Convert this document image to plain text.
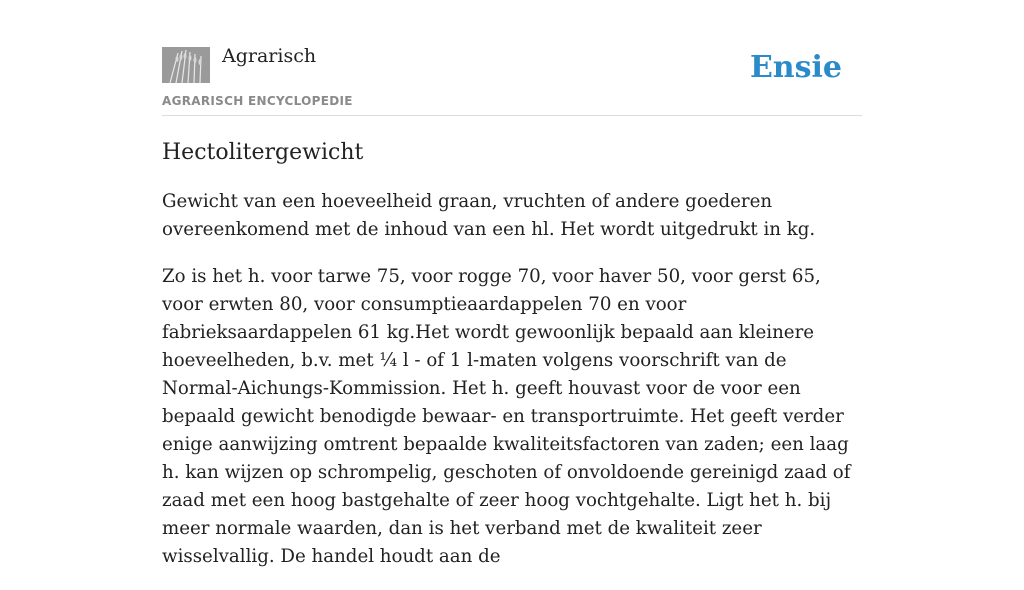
Agrarisch
AGRARISCH ENCYCLOPEDIE
Ensie
Hectolitergewicht

Gewicht van een hoeveelheid graan, vruchten of andere goederen overeenkomend met de inhoud van een hl. Het wordt uitgedrukt in kg.

Zo is het h. voor tarwe 75, voor rogge 70, voor haver 50, voor gerst 65, voor erwten 80, voor consumptieaardappelen 70 en voor fabrieksaardappelen 61 kg.Het wordt gewoonlijk bepaald aan kleinere hoeveelheden, b.v. met ¼ l - of 1 l-maten volgens voorschrift van de Normal-Aichungs-Kommission. Het h. geeft houvast voor de voor een bepaald gewicht benodigde bewaar- en transportruimte. Het geeft verder enige aanwijzing omtrent bepaalde kwaliteitsfactoren van zaden; een laag h. kan wijzen op schrompelig, geschoten of onvoldoende gereinigd zaad of zaad met een hoog bastgehalte of zeer hoog vochtgehalte. Ligt het h. bij meer normale waarden, dan is het verband met de kwaliteit zeer wisselvallig. De handel houdt aan de
